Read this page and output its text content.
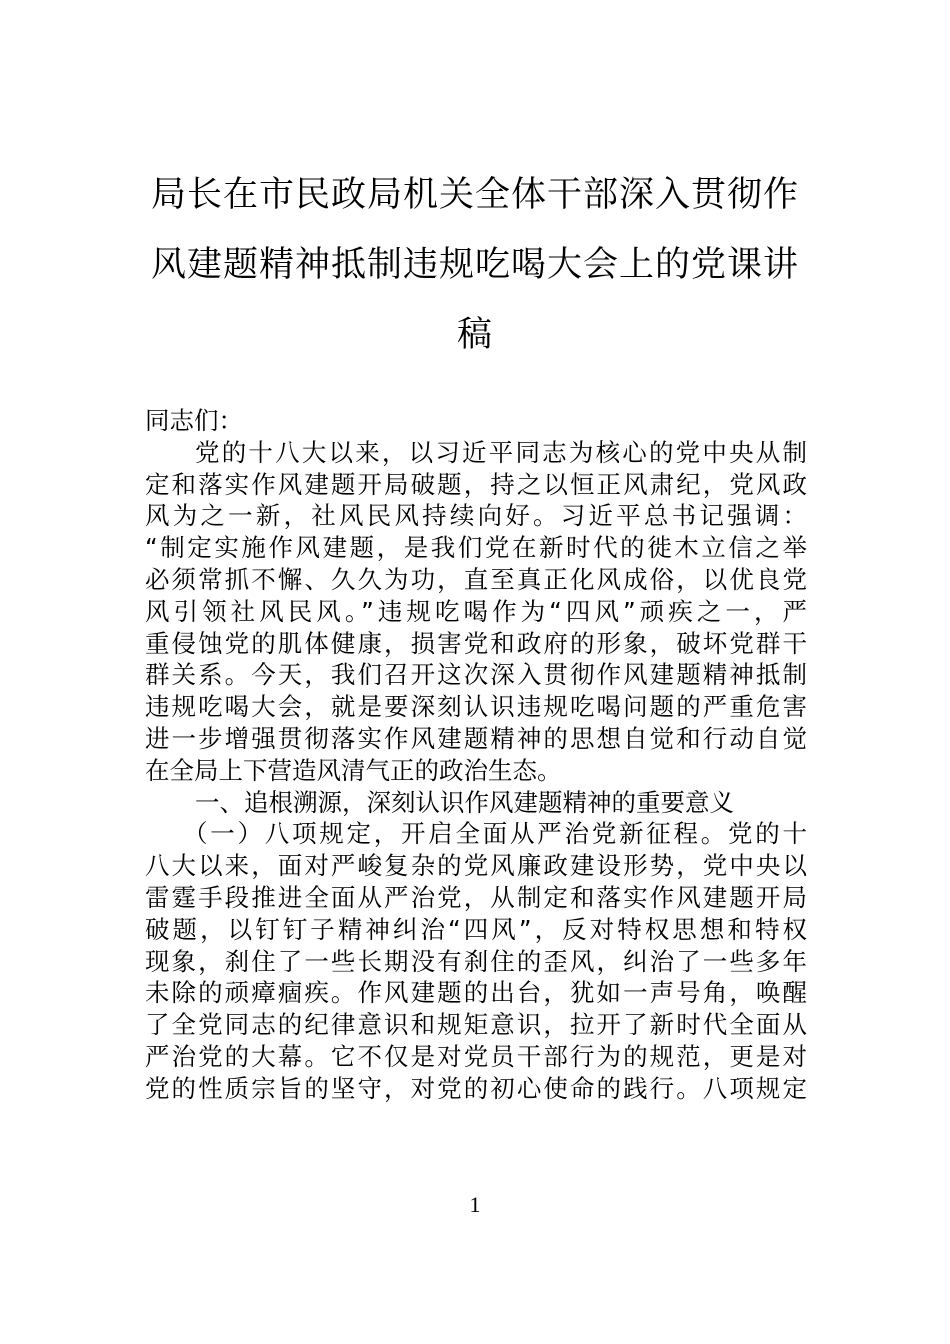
局长在市民政局机关全体干部深入贯彻作
风建题精神抵制违规吃喝大会上的党课讲
稿
同志们：
党的十八大以来，以习近平同志为核心的党中央从制
定和落实作风建题开局破题，持之以恒正风肃纪，党风政
风为之一新，社风民风持续向好。习近平总书记强调：
“制定实施作风建题，是我们党在新时代的徙木立信之举
必须常抓不懈、久久为功，直至真正化风成俗，以优良党
风引领社风民风。”违规吃喝作为“四风”顽疾之一，严
重侵蚀党的肌体健康，损害党和政府的形象，破坏党群干
群关系。今天，我们召开这次深入贯彻作风建题精神抵制
违规吃喝大会，就是要深刻认识违规吃喝问题的严重危害
进一步增强贯彻落实作风建题精神的思想自觉和行动自觉
在全局上下营造风清气正的政治生态。
一、追根溯源，深刻认识作风建题精神的重要意义
（一）八项规定，开启全面从严治党新征程。党的十
八大以来，面对严峻复杂的党风廉政建设形势，党中央以
雷霆手段推进全面从严治党，从制定和落实作风建题开局
破题，以钉钉子精神纠治“四风”，反对特权思想和特权
现象，刹住了一些长期没有刹住的歪风，纠治了一些多年
未除的顽瘴痼疾。作风建题的出台，犹如一声号角，唤醒
了全党同志的纪律意识和规矩意识，拉开了新时代全面从
严治党的大幕。它不仅是对党员干部行为的规范，更是对
党的性质宗旨的坚守，对党的初心使命的践行。八项规定
1
